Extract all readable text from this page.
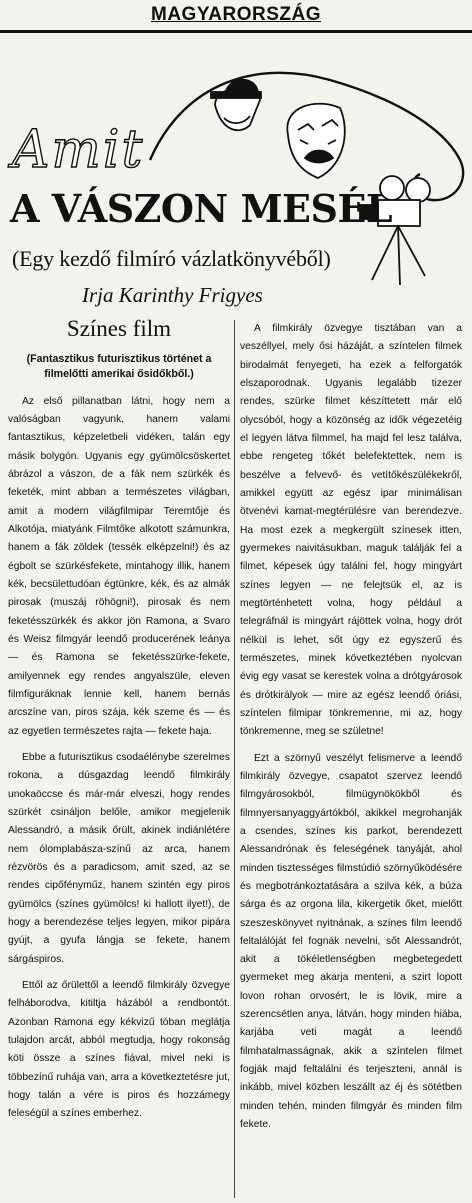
MAGYARORSZÁG
Amit
A VÁSZON MESÉL
(Egy kezdő filmíró vázlatkönyvéből)
Irja Karinthy Frigyes
Színes film
(Fantasztikus futurisztikus történet a filmelőtti amerikai ősidőkből.)

Az első pillanatban látni, hogy nem a valóságban vagyunk, hanem valami fantasztikus, képzeletbeli vidéken, talán egy másik bolygón. Ugyanis egy gyümölcsöskertet ábrázol a vászon, de a fák nem szürkék és feketék, mint abban a természetes világban, amit a modern világfilmipar Teremtője és Alkotója, miatyánk Filmtőke alkotott számunkra, hanem a fák zöldek (tessék elképzelni!) és az égbolt se szürkésfekete, mintahogy illik, hanem kék, becsülettudóan égtünkre, kék, és az almák pirosak (muszáj röhögni!), pirosak és nem feketésszürkék és akkor jön Ramona, a Svaro és Weisz filmgyár leendő producerének leánya — és Ramona se feketésszürke-fekete, amilyennek egy rendes angyalszüle, eleven filmfiguráknak lennie kell, hanem bernás arcszíne van, piros szája, kék szeme és — és az egyetlen természetes rajta — fekete haja.

Ebbe a futurisztikus csodaélénybe szerelmes rokona, a dúsgazdag leendő filmkirály unokaöccse és már-már elveszi, hogy rendes szürkét csináljon belőle, amikor megjelenik Alessandró, a másik őrült, akinek indiánlétére nem ólomplabásza-színű az arca, hanem rézvörös és a paradicsom, amit szed, az se rendes cipőfényműz, hanem szintén egy piros gyümölcs (színes gyümölcs! ki hallott ilyet!), de hogy a berendezése teljes legyen, mikor pipára gyújt, a gyufa lángja se fekete, hanem sárgáspiros.

Ettől az őrülettől a leendő filmkirály özvegye felháborodva, kitiltja házából a rendbontót. Azonban Ramona egy kékvizű tóban meglátja tulajdon arcát, abból megtudja, hogy rokonság köti össze a színes fiával, mivel neki is többezínű ruhája van, arra a következtetésre jut, hogy talán a vére is piros és hozzámegy feleségül a színes emberhez.

A filmkirály özvegye tisztában van a veszéllyel, mely ősi házáját, a színtelen filmek birodalmát fenyegeti, ha ezek a felforgatók elszaporodnak. Ugyanis legalább tizezer rendes, szürke filmet készíttetett már elő olycsóból, hogy a közönség az idők végezetéig el legyen látva filmmel, ha majd fel lesz találva, ebbe rengeteg tőkét belefektettek, nem is beszélve a felvevő- és vetítőkészülékekről, amikkel együtt az egész ipar minimálisan ötvenévi kamat-megtérülésre van berendezve. Ha most ezek a megkergült színesek itten, gyermekes naivitásukban, maguk találják fel a filmet, képesek úgy találni fel, hogy mingyárt színes legyen — ne felejtsük el, az is megtörténhetett volna, hogy például a telegráfnál is mingyárt rájöttek volna, hogy drót nélkül is lehet, sőt úgy ez egyszerű és természetes, minek következtében nyolcvan évig egy vasat se kerestek volna a drótgyárosok és drótkirályok — mire az egész leendő óriási, színtelen filmipar tönkremenne, mi az, hogy tönkremenne, meg se születne!

Ezt a szörnyű veszélyt felismerve a leendő filmkirály özvegye, csapatot szervez leendő filmgyárosokból, filmügynökökből és filmnyersanyaggyártókból, akikkel megrohanják a csendes, színes kis parkot, berendezett Alessandrónak és feleségének tanyáját, ahol minden tisztességes filmstúdió szörnyűködésére és megbotránkoztatására a szilva kék, a búza sárga és az orgona lila, kikergetik őket, mielőtt szeszeskönyvet nyitnának, a színes film leendő feltalálóját fel fognák nevelni, sőt Alessandrót, akit a tökéletlenségben megbetegedett gyermeket meg akarja menteni, a szirt lopott lovon rohan orvosért, le is lövik, mire a szerencsétlen anya, látván, hogy minden hiába, karjába veti magát a leendő filmhatalmasságnak, akik a színtelen filmet fogják majd feltalálni és terjeszteni, annál is inkább, mivel közben leszállt az éj és sötétben minden tehén, minden filmgyár és minden film fekete.
